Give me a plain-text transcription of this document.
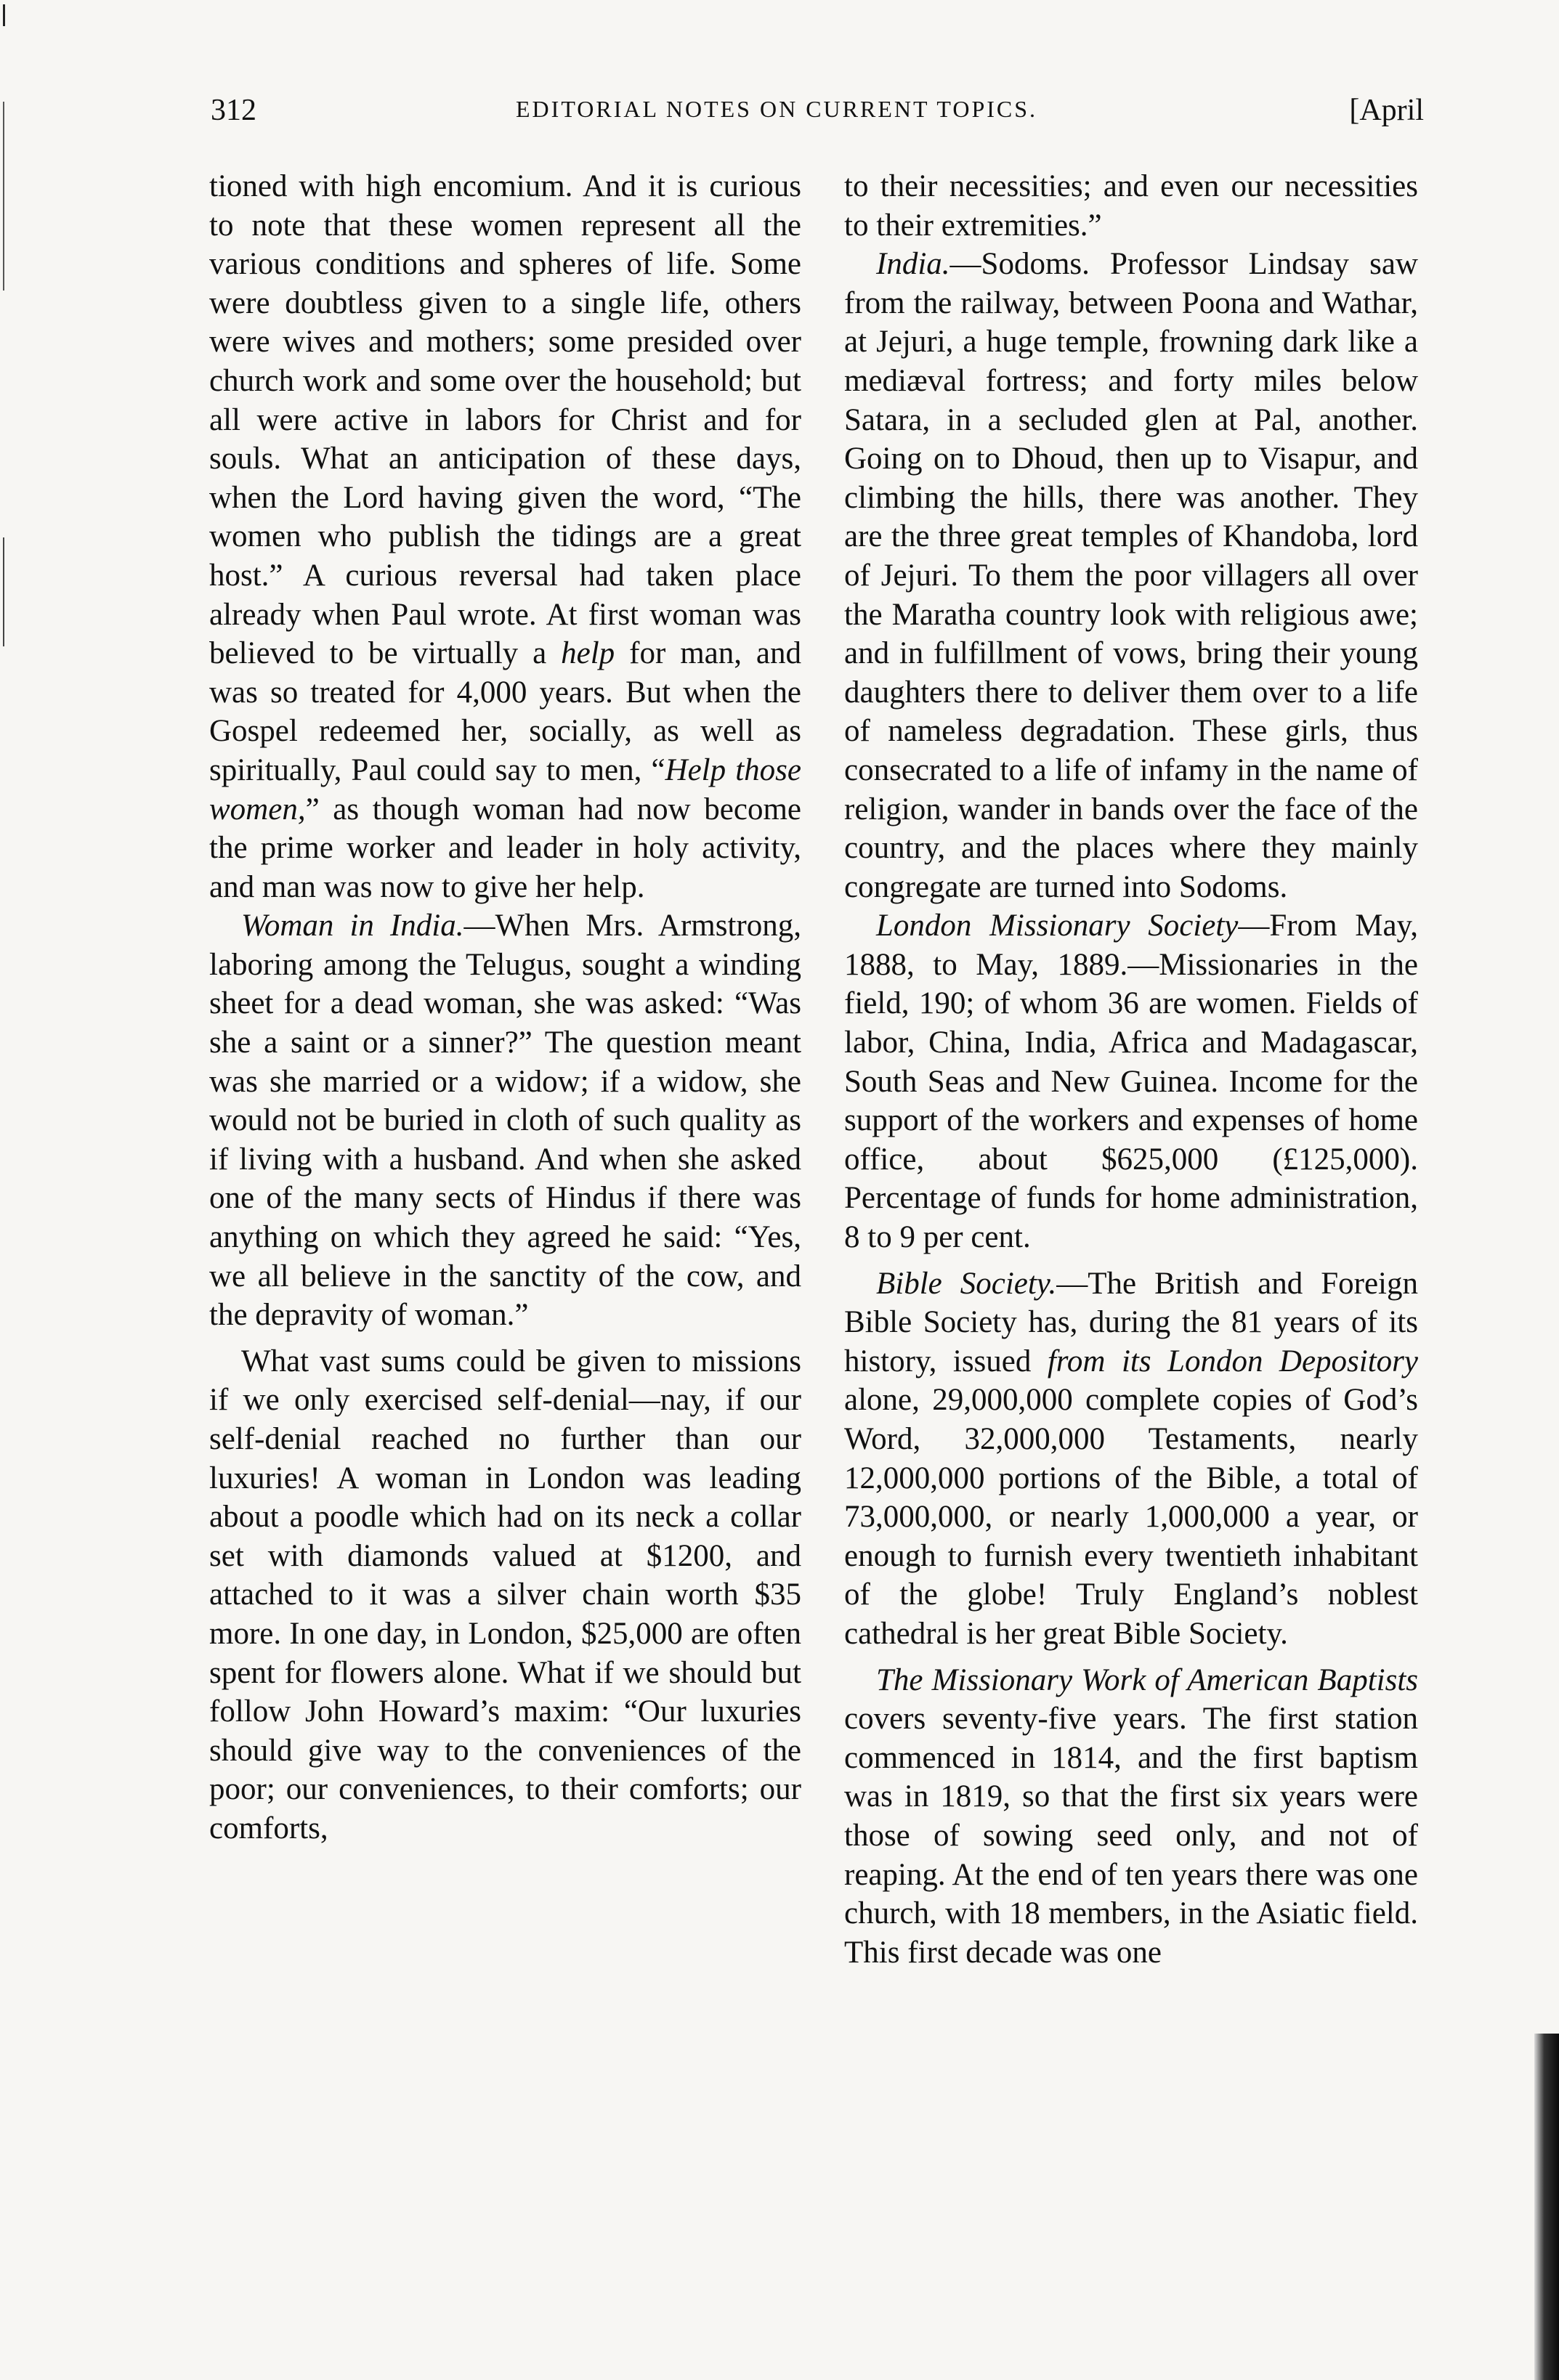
312	EDITORIAL NOTES ON CURRENT TOPICS.	[April

tioned with high encomium. And it is curious to note that these women represent all the various conditions and spheres of life. Some were doubtless given to a single life, others were wives and mothers; some presided over church work and some over the household; but all were active in labors for Christ and for souls. What an anticipation of these days, when the Lord having given the word, “The women who publish the tidings are a great host.” A curious reversal had taken place already when Paul wrote. At first woman was believed to be virtually a help for man, and was so treated for 4,000 years. But when the Gospel redeemed her, socially, as well as spiritually, Paul could say to men, “Help those women,” as though woman had now become the prime worker and leader in holy activity, and man was now to give her help.

Woman in India.—When Mrs. Armstrong, laboring among the Telugus, sought a winding sheet for a dead woman, she was asked: “Was she a saint or a sinner?” The question meant was she married or a widow; if a widow, she would not be buried in cloth of such quality as if living with a husband. And when she asked one of the many sects of Hindus if there was anything on which they agreed he said: “Yes, we all believe in the sanctity of the cow, and the depravity of woman.”

What vast sums could be given to missions if we only exercised self-denial—nay, if our self-denial reached no further than our luxuries! A woman in London was leading about a poodle which had on its neck a collar set with diamonds valued at $1200, and attached to it was a silver chain worth $35 more. In one day, in London, $25,000 are often spent for flowers alone. What if we should but follow John Howard’s maxim: “Our luxuries should give way to the conveniences of the poor; our conveniences, to their comforts; our comforts,

to their necessities; and even our necessities to their extremities.”

India.—Sodoms. Professor Lindsay saw from the railway, between Poona and Wathar, at Jejuri, a huge temple, frowning dark like a mediæval fortress; and forty miles below Satara, in a secluded glen at Pal, another. Going on to Dhoud, then up to Visapur, and climbing the hills, there was another. They are the three great temples of Khandoba, lord of Jejuri. To them the poor villagers all over the Maratha country look with religious awe; and in fulfillment of vows, bring their young daughters there to deliver them over to a life of nameless degradation. These girls, thus consecrated to a life of infamy in the name of religion, wander in bands over the face of the country, and the places where they mainly congregate are turned into Sodoms.

London Missionary Society—From May, 1888, to May, 1889.—Missionaries in the field, 190; of whom 36 are women. Fields of labor, China, India, Africa and Madagascar, South Seas and New Guinea. Income for the support of the workers and expenses of home office, about $625,000 (£125,000). Percentage of funds for home administration, 8 to 9 per cent.

Bible Society.—The British and Foreign Bible Society has, during the 81 years of its history, issued from its London Depository alone, 29,000,000 complete copies of God’s Word, 32,000,000 Testaments, nearly 12,000,000 portions of the Bible, a total of 73,000,000, or nearly 1,000,000 a year, or enough to furnish every twentieth inhabitant of the globe! Truly England’s noblest cathedral is her great Bible Society.

The Missionary Work of American Baptists covers seventy-five years. The first station commenced in 1814, and the first baptism was in 1819, so that the first six years were those of sowing seed only, and not of reaping. At the end of ten years there was one church, with 18 members, in the Asiatic field. This first decade was one
